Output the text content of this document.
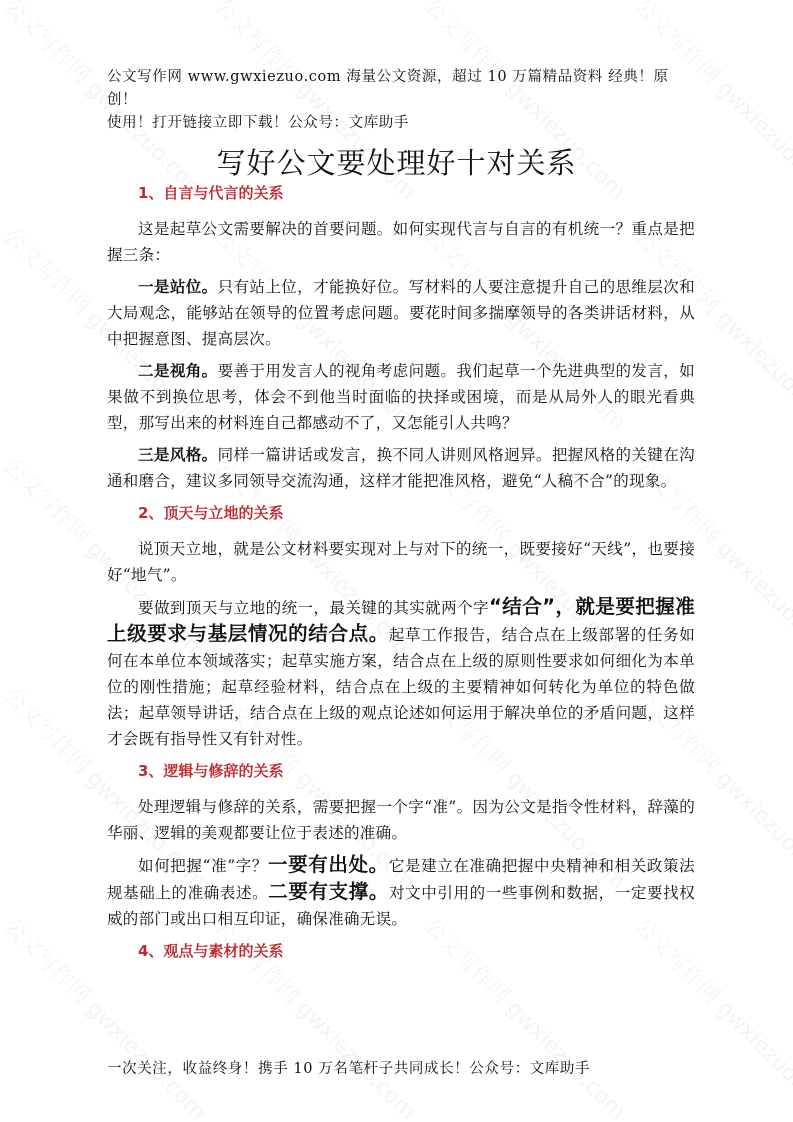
公文写作网 www.gwxiezuo.com 海量公文资源，超过 10 万篇精品资料 经典！原创！
使用！打开链接立即下载！公众号：文库助手
写好公文要处理好十对关系
1、自言与代言的关系

这是起草公文需要解决的首要问题。如何实现代言与自言的有机统一？重点是把握三条：

一是站位。只有站上位，才能换好位。写材料的人要注意提升自己的思维层次和大局观念，能够站在领导的位置考虑问题。要花时间多揣摩领导的各类讲话材料，从中把握意图、提高层次。

二是视角。要善于用发言人的视角考虑问题。我们起草一个先进典型的发言，如果做不到换位思考，体会不到他当时面临的抉择或困境，而是从局外人的眼光看典型，那写出来的材料连自己都感动不了，又怎能引人共鸣？

三是风格。同样一篇讲话或发言，换不同人讲则风格迥异。把握风格的关键在沟通和磨合，建议多同领导交流沟通，这样才能把准风格，避免“人稿不合”的现象。

2、顶天与立地的关系

说顶天立地，就是公文材料要实现对上与对下的统一，既要接好“天线”，也要接好“地气”。

要做到顶天与立地的统一，最关键的其实就两个字“结合”，就是要把握准上级要求与基层情况的结合点。起草工作报告，结合点在上级部署的任务如何在本单位本领域落实；起草实施方案，结合点在上级的原则性要求如何细化为本单位的刚性措施；起草经验材料，结合点在上级的主要精神如何转化为单位的特色做法；起草领导讲话，结合点在上级的观点论述如何运用于解决单位的矛盾问题，这样才会既有指导性又有针对性。

3、逻辑与修辞的关系

处理逻辑与修辞的关系，需要把握一个字“准”。因为公文是指令性材料，辞藻的华丽、逻辑的美观都要让位于表述的准确。

如何把握“准”字？一要有出处。它是建立在准确把握中央精神和相关政策法规基础上的准确表述。二要有支撑。对文中引用的一些事例和数据，一定要找权威的部门或出口相互印证，确保准确无误。

4、观点与素材的关系
一次关注，收益终身！携手 10 万名笔杆子共同成长！公众号：文库助手
